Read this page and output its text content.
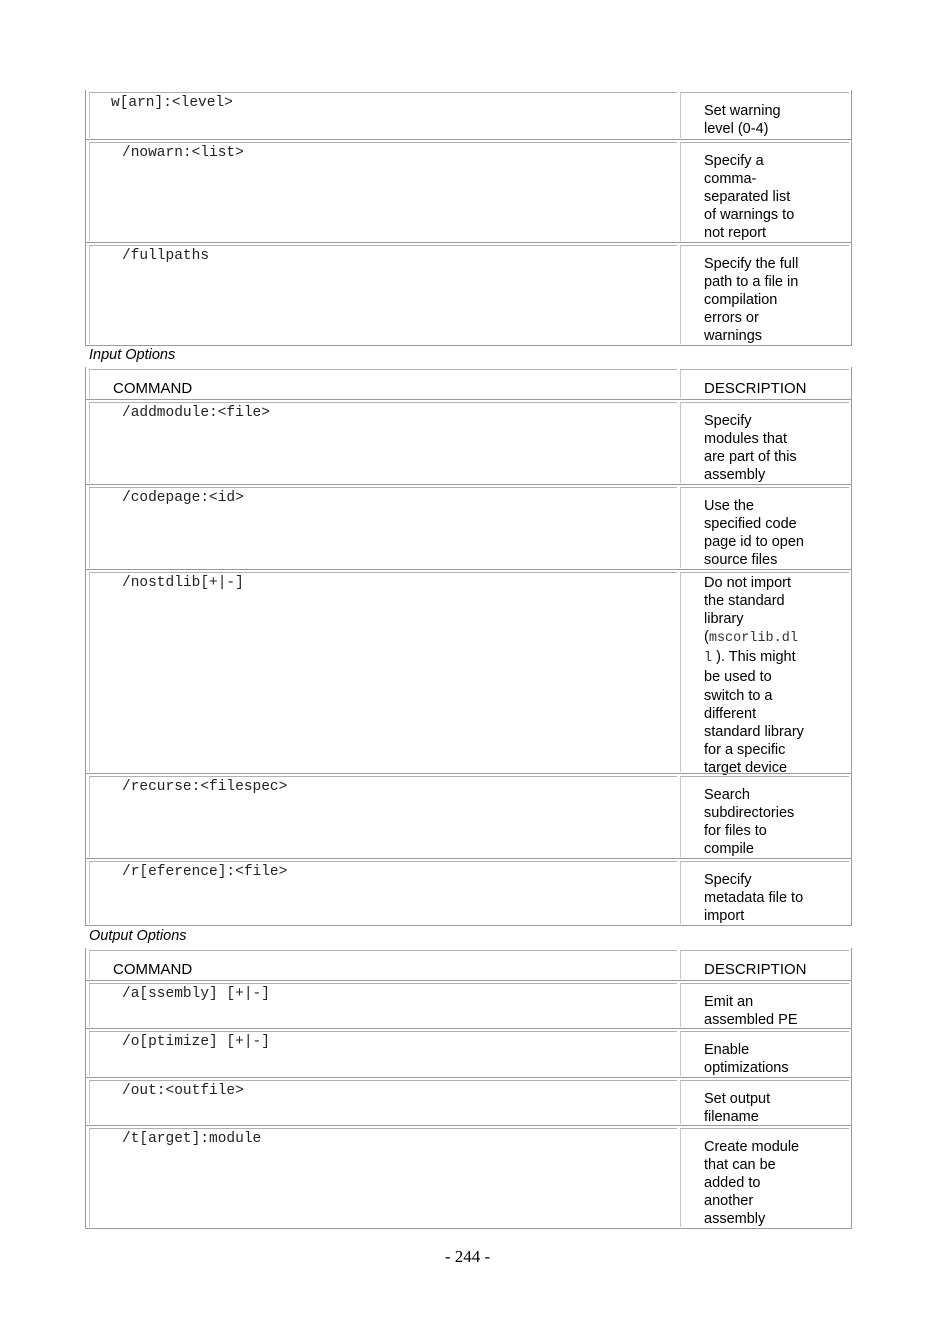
w[arn]:<level>	Set warning
level (0-4)
/nowarn:<list>	Specify a
comma-
separated list
of warnings to
not report
/fullpaths	Specify the full
path to a file in
compilation
errors or
warnings
Input Options
COMMAND	DESCRIPTION
/addmodule:<file>	Specify
modules that
are part of this
assembly
/codepage:<id>	Use the
specified code
page id to open
source files
/nostdlib[+|-]	Do not import
the standard
library (mscorlib.dl
l ). This might
be used to
switch to a
different
standard library
for a specific
target device
/recurse:<filespec>	Search
subdirectories
for files to
compile
/r[eference]:<file>	Specify
metadata file to
import
Output Options
COMMAND	DESCRIPTION
/a[ssembly] [+|-]	Emit an
assembled PE
/o[ptimize] [+|-]	Enable
optimizations
/out:<outfile>	Set output
filename
/t[arget]:module	Create module
that can be
added to
another
assembly
- 244 -
